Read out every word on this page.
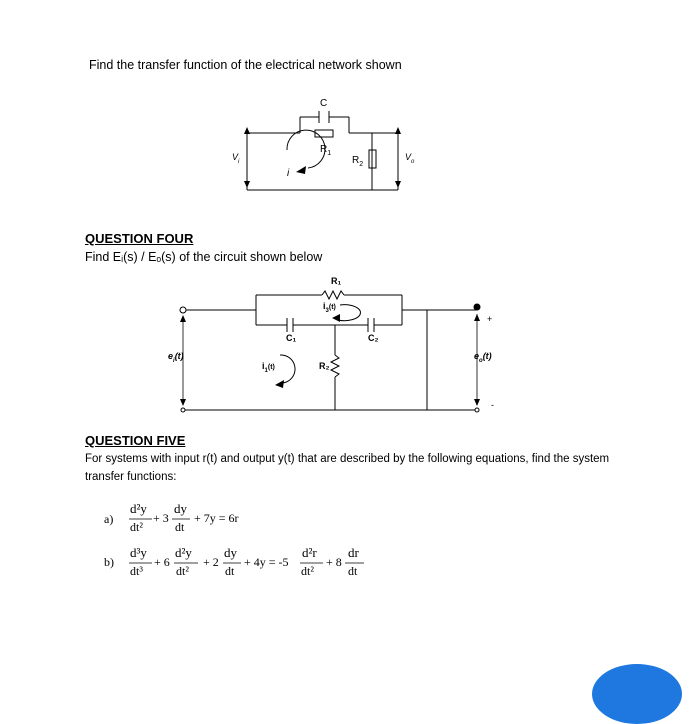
Find the transfer function of the electrical network shown
C
$R_1$
$R_2$
$V_i$	$V_o$
i
QUESTION FOUR
Find Eᵢ(s) / Eₒ(s) of the circuit shown below
R₁
C₁	C₂
R₂
$i_3(t)$
$i_1(t)$
$e_i(t)$	$e_o(t)$
+
-
QUESTION FIVE
For systems with input r(t) and output y(t) that are described by the following equations, find the system
transfer functions:
a)
d²y
dt²
+ 3
dy
dt
+ 7y = 6r
b)
d³y
dt³
+ 6
d²y
dt²
+ 2
dy
dt
+ 4y = -5
d²r
dt²
+ 8
dr
dt
